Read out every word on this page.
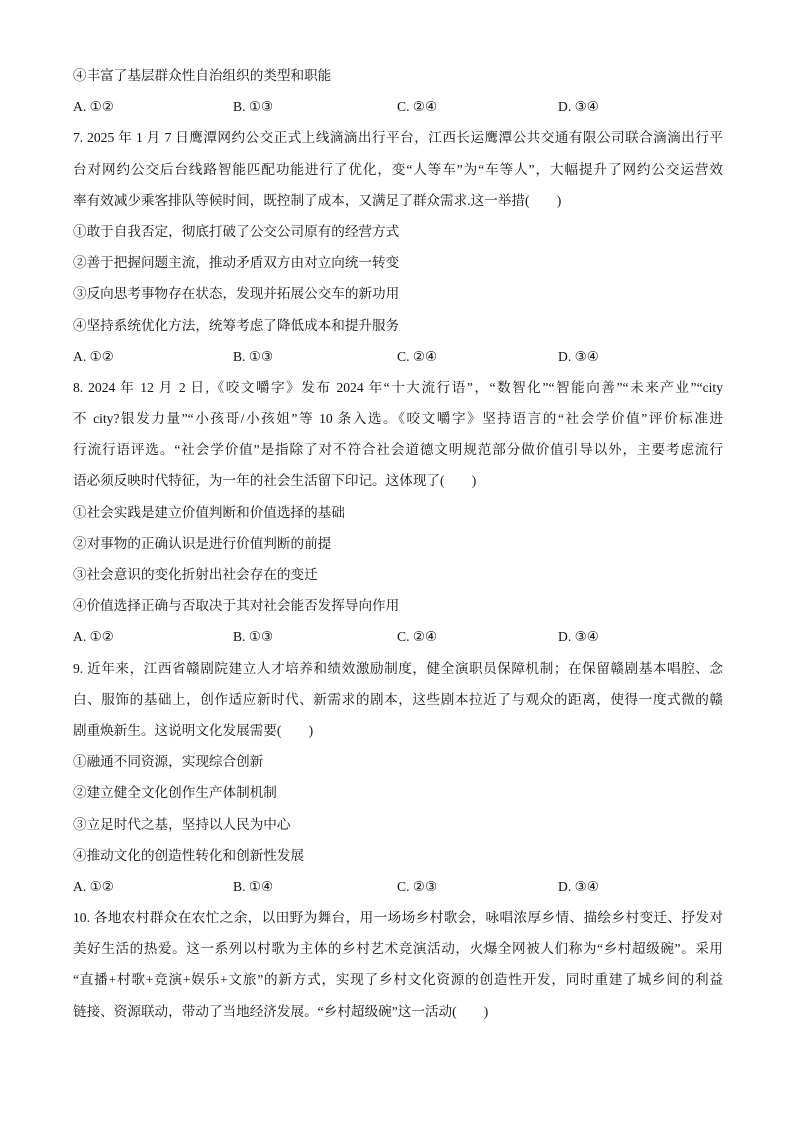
④丰富了基层群众性自治组织的类型和职能
A. ①②	B. ①③	C. ②④	D. ③④
7. 2025 年 1 月 7 日鹰潭网约公交正式上线滴滴出行平台，江西长运鹰潭公共交通有限公司联合滴滴出行平
台对网约公交后台线路智能匹配功能进行了优化，变“人等车”为“车等人”，大幅提升了网约公交运营效
率有效减少乘客排队等候时间，既控制了成本，又满足了群众需求.这一举措(　　)
①敢于自我否定，彻底打破了公交公司原有的经营方式
②善于把握问题主流，推动矛盾双方由对立向统一转变
③反向思考事物存在状态，发现并拓展公交车的新功用
④坚持系统优化方法，统筹考虑了降低成本和提升服务
A. ①②	B. ①③	C. ②④	D. ③④
8. 2024 年 12 月 2 日,《咬文嚼字》发布 2024 年“十大流行语”，“数智化”“智能向善”“未来产业”“city
不 city?银发力量”“小孩哥/小孩姐”等 10 条入选。《咬文嚼字》坚持语言的“社会学价值”评价标准进
行流行语评选。“社会学价值”是指除了对不符合社会道德文明规范部分做价值引导以外，主要考虑流行
语必须反映时代特征，为一年的社会生活留下印记。这体现了(　　)
①社会实践是建立价值判断和价值选择的基础
②对事物的正确认识是进行价值判断的前提
③社会意识的变化折射出社会存在的变迁
④价值选择正确与否取决于其对社会能否发挥导向作用
A. ①②	B. ①③	C. ②④	D. ③④
9. 近年来，江西省赣剧院建立人才培养和绩效激励制度，健全演职员保障机制；在保留赣剧基本唱腔、念
白、服饰的基础上，创作适应新时代、新需求的剧本，这些剧本拉近了与观众的距离，使得一度式微的赣
剧重焕新生。这说明文化发展需要(　　)
①融通不同资源，实现综合创新
②建立健全文化创作生产体制机制
③立足时代之基，坚持以人民为中心
④推动文化的创造性转化和创新性发展
A. ①②	B. ①④	C. ②③	D. ③④
10. 各地农村群众在农忙之余，以田野为舞台，用一场场乡村歌会，咏唱浓厚乡情、描绘乡村变迁、抒发对
美好生活的热爱。这一系列以村歌为主体的乡村艺术竞演活动，火爆全网被人们称为“乡村超级碗”。采用
“直播+村歌+竞演+娱乐+文旅”的新方式，实现了乡村文化资源的创造性开发，同时重建了城乡间的利益
链接、资源联动，带动了当地经济发展。“乡村超级碗”这一活动(　　)
